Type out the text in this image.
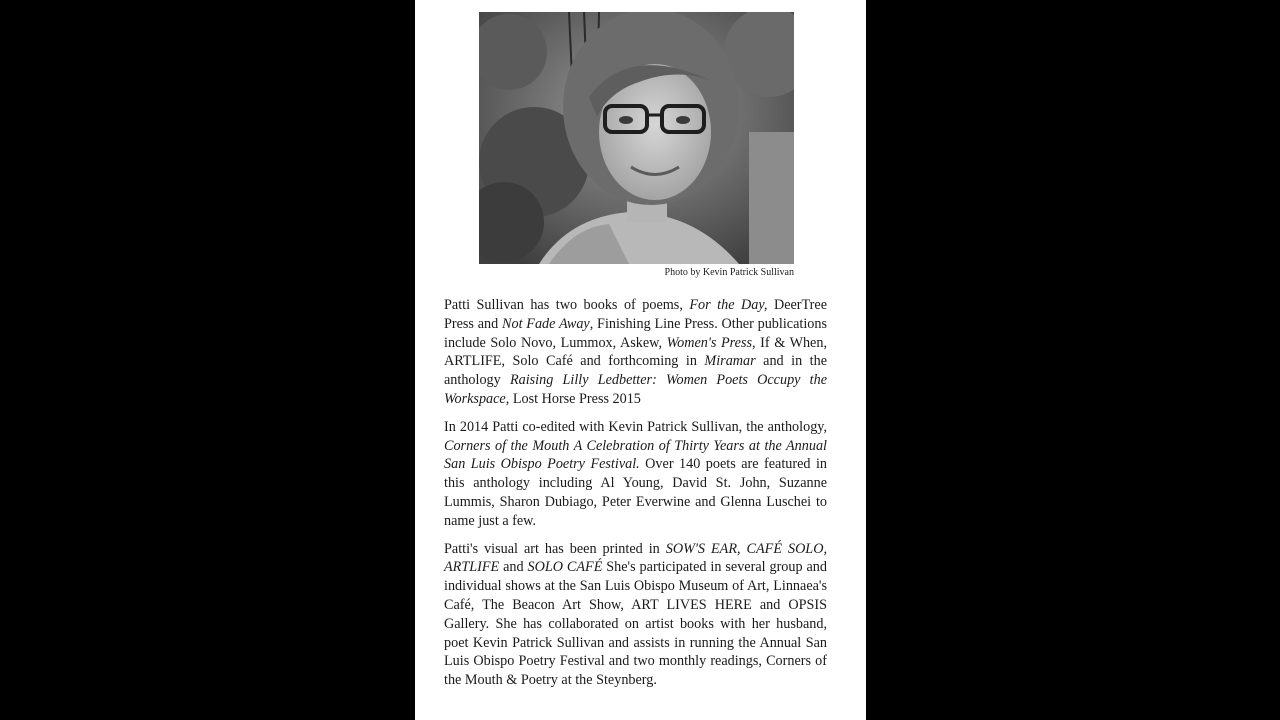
Photo by Kevin Patrick Sullivan

Patti Sullivan has two books of poems, For the Day, DeerTree Press and Not Fade Away, Finishing Line Press. Other publications include Solo Novo, Lummox, Askew, Women's Press, If & When, ARTLIFE, Solo Café and forthcoming in Miramar and in the anthology Raising Lilly Ledbetter: Women Poets Occupy the Workspace, Lost Horse Press 2015

In 2014 Patti co-edited with Kevin Patrick Sullivan, the anthology, Corners of the Mouth A Celebration of Thirty Years at the Annual San Luis Obispo Poetry Festival. Over 140 poets are featured in this anthology including Al Young, David St. John, Suzanne Lummis, Sharon Dubiago, Peter Everwine and Glenna Luschei to name just a few.

Patti's visual art has been printed in SOW'S EAR, CAFÉ SOLO, ARTLIFE and SOLO CAFÉ She's participated in several group and individual shows at the San Luis Obispo Museum of Art, Linnaea's Café, The Beacon Art Show, ART LIVES HERE and OPSIS Gallery. She has collaborated on artist books with her husband, poet Kevin Patrick Sullivan and assists in running the Annual San Luis Obispo Poetry Festival and two monthly readings, Corners of the Mouth & Poetry at the Steynberg.
